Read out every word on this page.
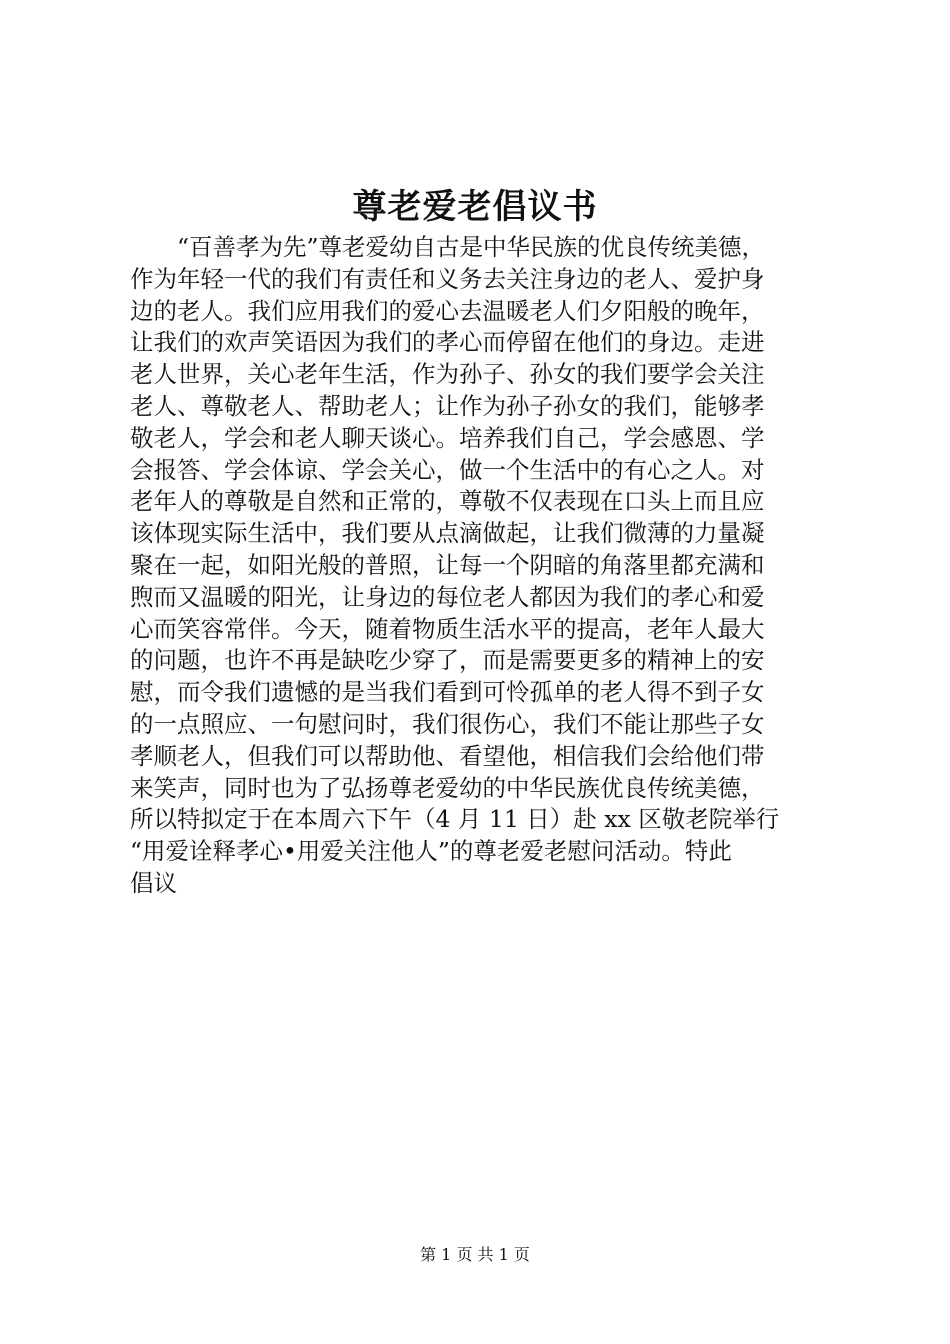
尊老爱老倡议书
　　“百善孝为先”尊老爱幼自古是中华民族的优良传统美德，
作为年轻一代的我们有责任和义务去关注身边的老人、爱护身
边的老人。我们应用我们的爱心去温暖老人们夕阳般的晚年，
让我们的欢声笑语因为我们的孝心而停留在他们的身边。走进
老人世界，关心老年生活，作为孙子、孙女的我们要学会关注
老人、尊敬老人、帮助老人；让作为孙子孙女的我们，能够孝
敬老人，学会和老人聊天谈心。培养我们自己，学会感恩、学
会报答、学会体谅、学会关心，做一个生活中的有心之人。对
老年人的尊敬是自然和正常的，尊敬不仅表现在口头上而且应
该体现实际生活中，我们要从点滴做起，让我们微薄的力量凝
聚在一起，如阳光般的普照，让每一个阴暗的角落里都充满和
煦而又温暖的阳光，让身边的每位老人都因为我们的孝心和爱
心而笑容常伴。今天，随着物质生活水平的提高，老年人最大
的问题，也许不再是缺吃少穿了，而是需要更多的精神上的安
慰，而令我们遗憾的是当我们看到可怜孤单的老人得不到子女
的一点照应、一句慰问时，我们很伤心，我们不能让那些子女
孝顺老人，但我们可以帮助他、看望他，相信我们会给他们带
来笑声，同时也为了弘扬尊老爱幼的中华民族优良传统美德，
所以特拟定于在本周六下午（4 月 11 日）赴 xx 区敬老院举行
“用爱诠释孝心•用爱关注他人”的尊老爱老慰问活动。特此
倡议
第 1 页 共 1 页
